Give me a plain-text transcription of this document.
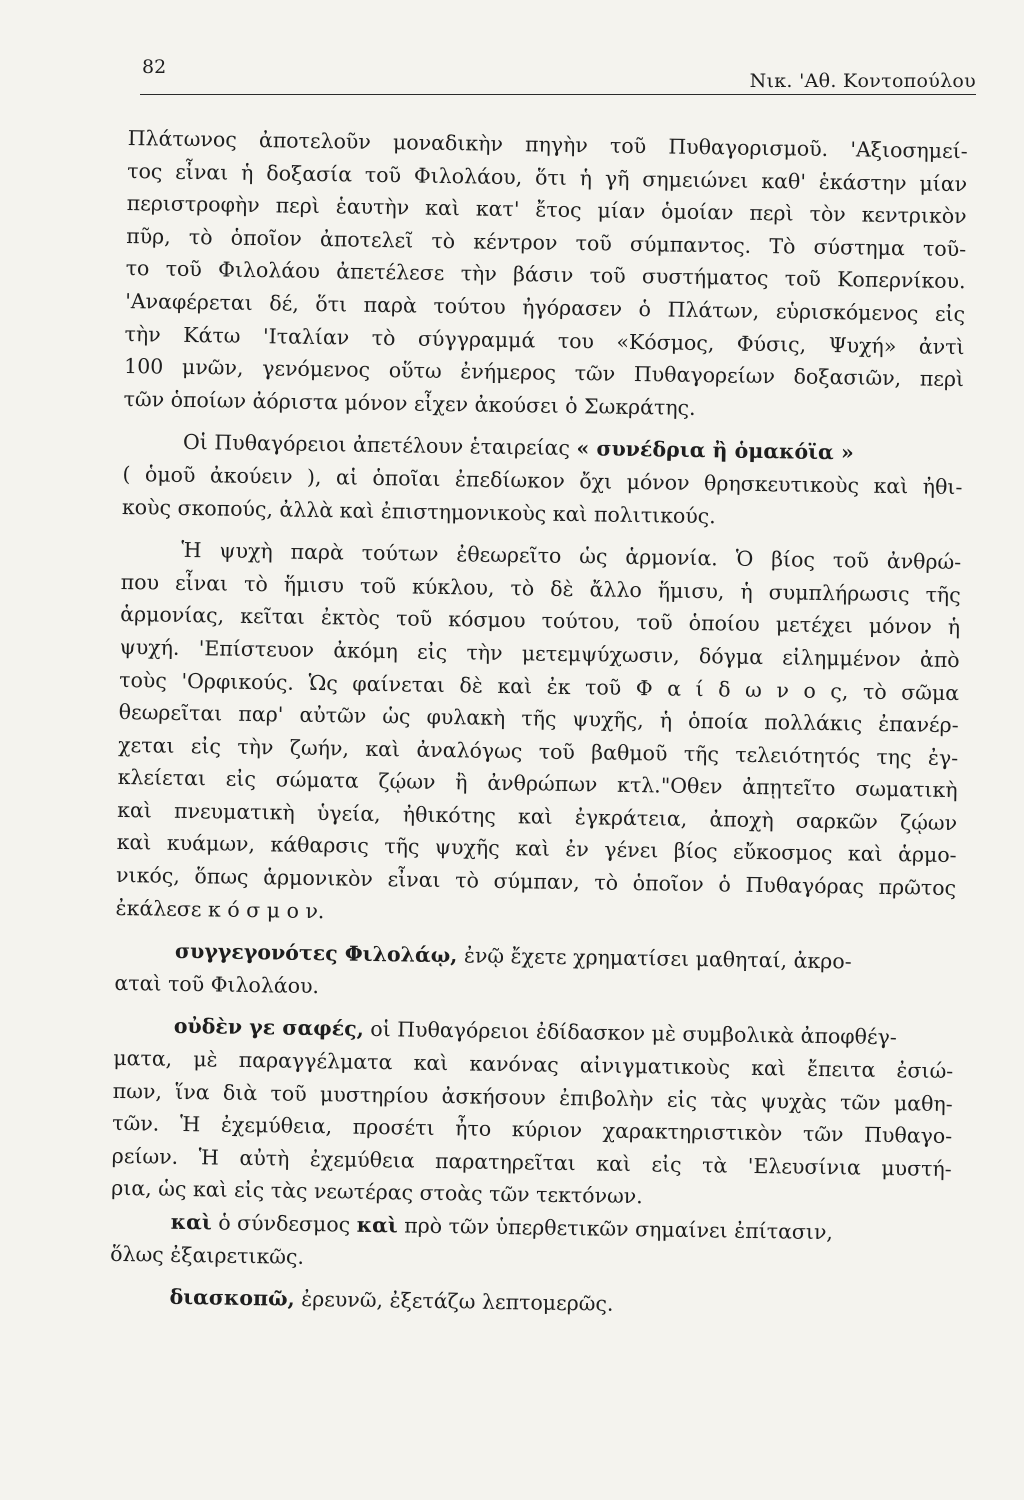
82
Νικ. 'Αθ. Κοντοπούλου

Πλάτωνος ἀποτελοῦν μοναδικὴν πηγὴν τοῦ Πυθαγορισμοῦ. 'Αξιοσημεί-
τος εἶναι ἡ δοξασία τοῦ Φιλολάου, ὅτι ἡ γῆ σημειώνει καθ' ἑκάστην μίαν
περιστροφὴν περὶ ἑαυτὴν καὶ κατ' ἔτος μίαν ὁμοίαν περὶ τὸν κεντρικὸν
πῦρ, τὸ ὁποῖον ἀποτελεῖ τὸ κέντρον τοῦ σύμπαντος. Τὸ σύστημα τοῦ-
το τοῦ Φιλολάου ἀπετέλεσε τὴν βάσιν τοῦ συστήματος τοῦ Κοπερνίκου.
'Αναφέρεται δέ, ὅτι παρὰ τούτου ἠγόρασεν ὁ Πλάτων, εὑρισκόμενος εἰς
τὴν Κάτω 'Ιταλίαν τὸ σύγγραμμά του «Κόσμος, Φύσις, Ψυχή» ἀντὶ
100 μνῶν, γενόμενος οὕτω ἐνήμερος τῶν Πυθαγορείων δοξασιῶν, περὶ
τῶν ὁποίων ἀόριστα μόνον εἶχεν ἀκούσει ὁ Σωκράτης.

Οἱ Πυθαγόρειοι ἀπετέλουν ἑταιρείας « συνέδρια ἢ ὁμακόϊα »
( ὁμοῦ ἀκούειν ), αἱ ὁποῖαι ἐπεδίωκον ὄχι μόνον θρησκευτικοὺς καὶ ἠθι-
κοὺς σκοπούς, ἀλλὰ καὶ ἐπιστημονικοὺς καὶ πολιτικούς.

Ἡ ψυχὴ παρὰ τούτων ἐθεωρεῖτο ὡς ἁρμονία. Ὁ βίος τοῦ ἀνθρώ-
που εἶναι τὸ ἥμισυ τοῦ κύκλου, τὸ δὲ ἄλλο ἥμισυ, ἡ συμπλήρωσις τῆς
ἁρμονίας, κεῖται ἐκτὸς τοῦ κόσμου τούτου, τοῦ ὁποίου μετέχει μόνον ἡ
ψυχή. 'Επίστευον ἀκόμη εἰς τὴν μετεμψύχωσιν, δόγμα εἰλημμένον ἀπὸ
τοὺς 'Ορφικούς. Ὡς φαίνεται δὲ καὶ ἐκ τοῦ Φ α ί δ ω ν ο ς, τὸ σῶμα
θεωρεῖται παρ' αὐτῶν ὡς φυλακὴ τῆς ψυχῆς, ἡ ὁποία πολλάκις ἐπανέρ-
χεται εἰς τὴν ζωήν, καὶ ἀναλόγως τοῦ βαθμοῦ τῆς τελειότητός της ἐγ-
κλείεται εἰς σώματα ζῴων ἢ ἀνθρώπων κτλ."Οθεν ἀπῃτεῖτο σωματικὴ
καὶ πνευματικὴ ὑγεία, ἠθικότης καὶ ἐγκράτεια, ἀποχὴ σαρκῶν ζῴων
καὶ κυάμων, κάθαρσις τῆς ψυχῆς καὶ ἐν γένει βίος εὔκοσμος καὶ ἁρμο-
νικός, ὅπως ἁρμονικὸν εἶναι τὸ σύμπαν, τὸ ὁποῖον ὁ Πυθαγόρας πρῶτος
ἐκάλεσε κ ό σ μ ο ν.

συγγεγονότες Φιλολάῳ, ἐνῷ ἔχετε χρηματίσει μαθηταί, ἀκρο-
αταὶ τοῦ Φιλολάου.

οὐδὲν γε σαφές, οἱ Πυθαγόρειοι ἐδίδασκον μὲ συμβολικὰ ἀποφθέγ-
ματα, μὲ παραγγέλματα καὶ κανόνας αἰνιγματικοὺς καὶ ἔπειτα ἐσιώ-
πων, ἵνα διὰ τοῦ μυστηρίου ἀσκήσουν ἐπιβολὴν εἰς τὰς ψυχὰς τῶν μαθη-
τῶν. Ἡ ἐχεμύθεια, προσέτι ἦτο κύριον χαρακτηριστικὸν τῶν Πυθαγο-
ρείων. Ἡ αὐτὴ ἐχεμύθεια παρατηρεῖται καὶ εἰς τὰ 'Ελευσίνια μυστή-
ρια, ὡς καὶ εἰς τὰς νεωτέρας στοὰς τῶν τεκτόνων.

καὶ ὁ σύνδεσμος καὶ πρὸ τῶν ὑπερθετικῶν σημαίνει ἐπίτασιν,
ὅλως ἐξαιρετικῶς.

διασκοπῶ, ἐρευνῶ, ἐξετάζω λεπτομερῶς.
